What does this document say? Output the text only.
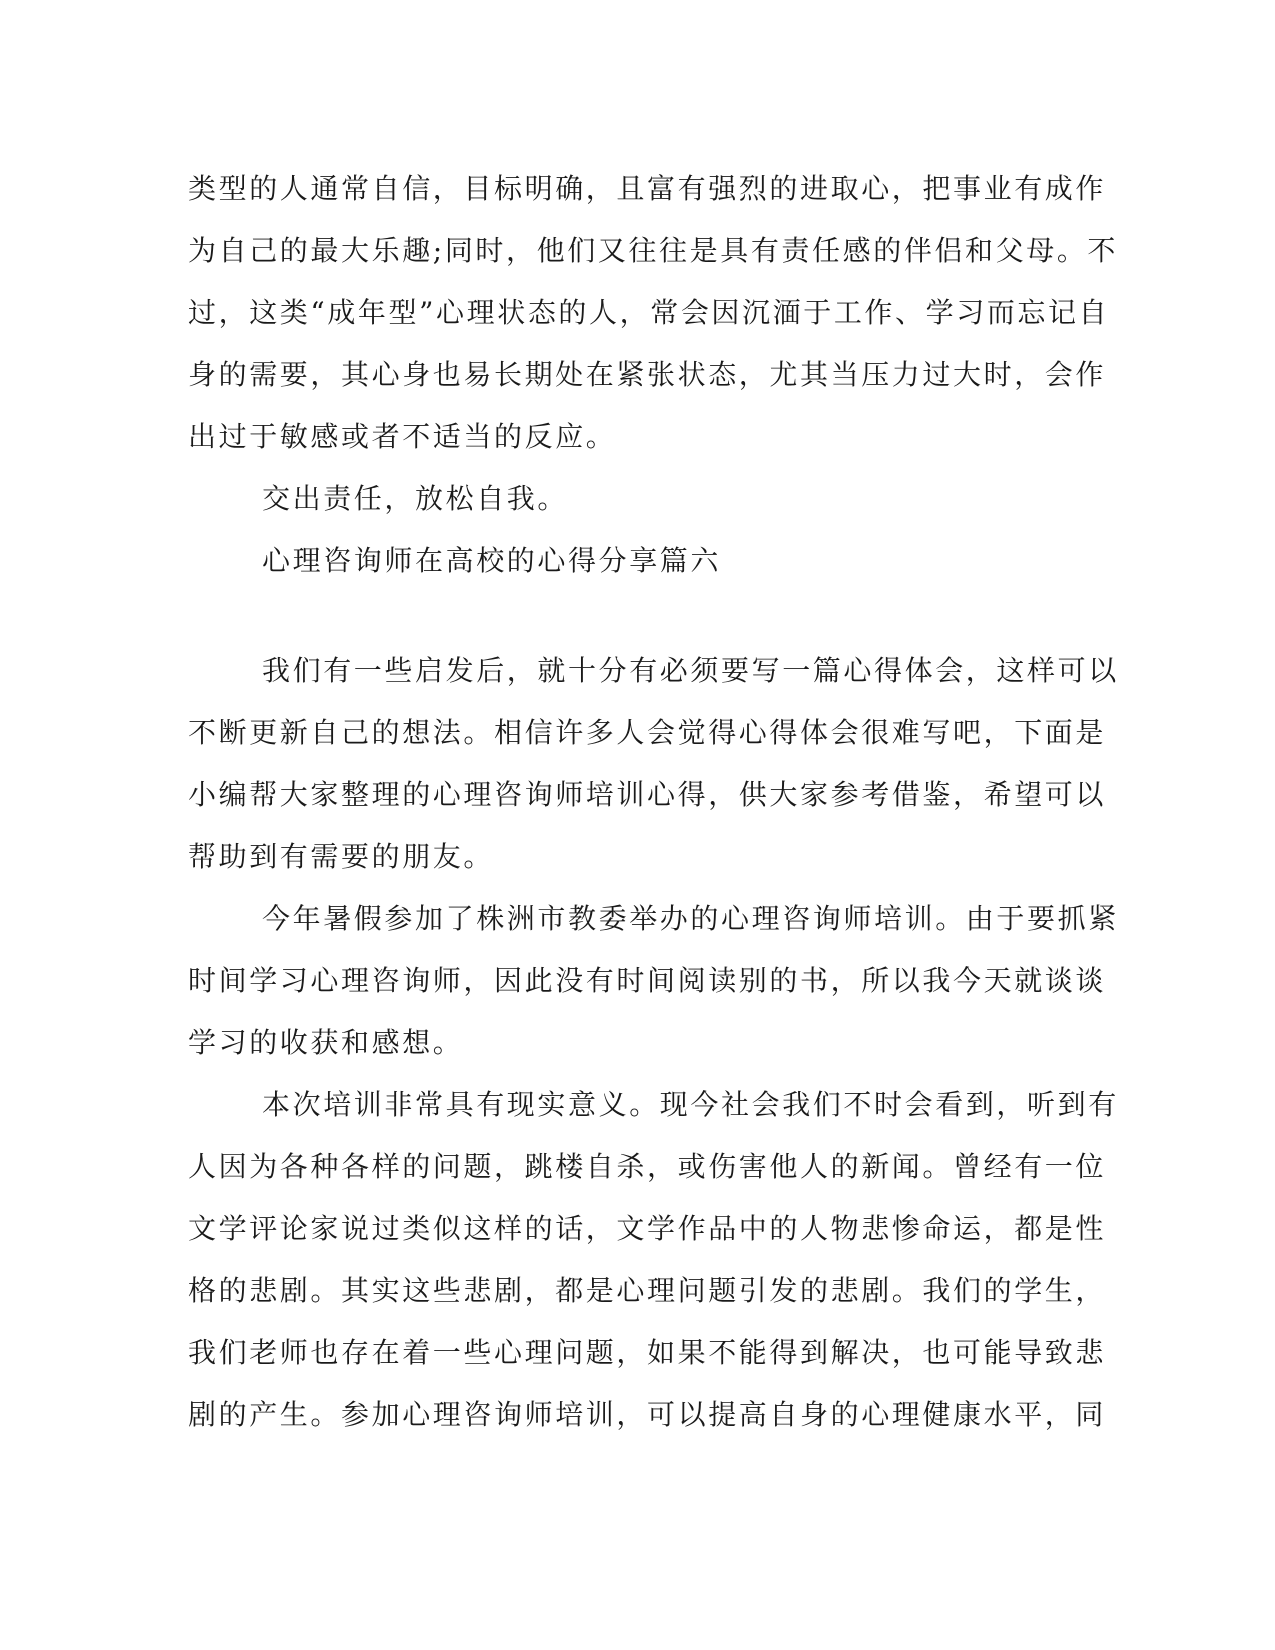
类型的人通常自信，目标明确，且富有强烈的进取心，把事业有成作
为自己的最大乐趣;同时，他们又往往是具有责任感的伴侣和父母。不
过，这类“成年型”心理状态的人，常会因沉湎于工作、学习而忘记自
身的需要，其心身也易长期处在紧张状态，尤其当压力过大时，会作
出过于敏感或者不适当的反应。
交出责任，放松自我。
心理咨询师在高校的心得分享篇六
我们有一些启发后，就十分有必须要写一篇心得体会，这样可以
不断更新自己的想法。相信许多人会觉得心得体会很难写吧，下面是
小编帮大家整理的心理咨询师培训心得，供大家参考借鉴，希望可以
帮助到有需要的朋友。
今年暑假参加了株洲市教委举办的心理咨询师培训。由于要抓紧
时间学习心理咨询师，因此没有时间阅读别的书，所以我今天就谈谈
学习的收获和感想。
本次培训非常具有现实意义。现今社会我们不时会看到，听到有
人因为各种各样的问题，跳楼自杀，或伤害他人的新闻。曾经有一位
文学评论家说过类似这样的话，文学作品中的人物悲惨命运，都是性
格的悲剧。其实这些悲剧，都是心理问题引发的悲剧。我们的学生，
我们老师也存在着一些心理问题，如果不能得到解决，也可能导致悲
剧的产生。参加心理咨询师培训，可以提高自身的心理健康水平，同
